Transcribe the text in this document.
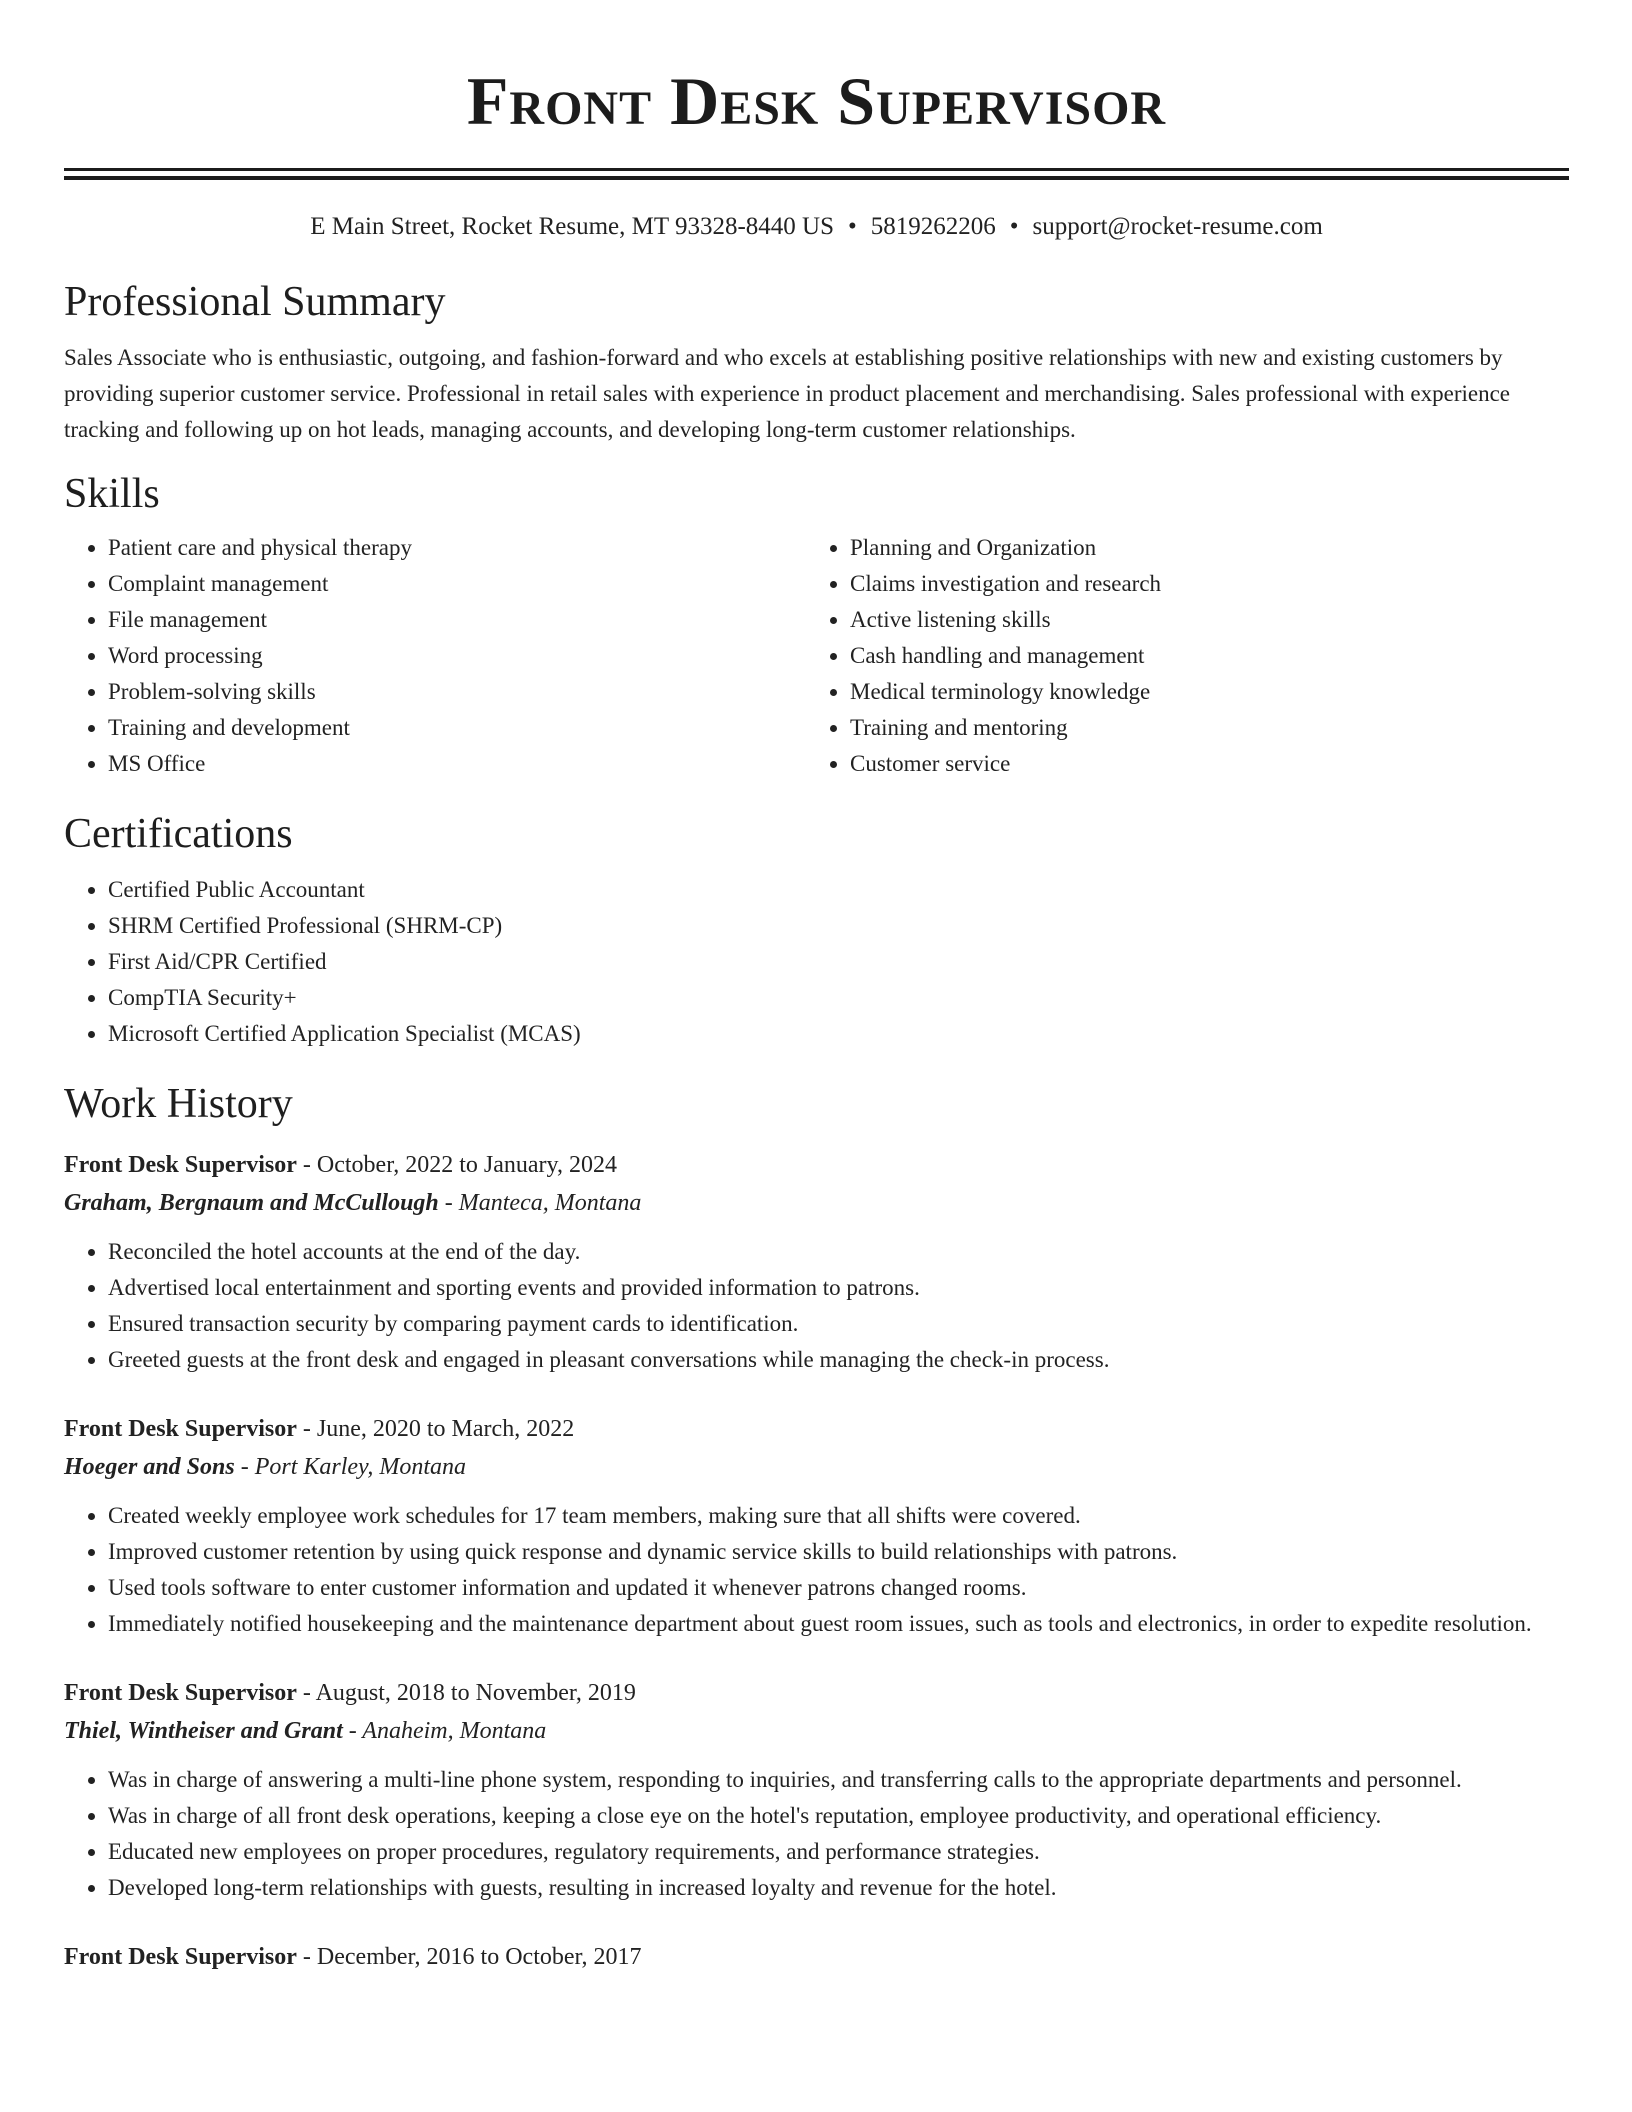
Front Desk Supervisor
E Main Street, Rocket Resume, MT 93328-8440 US • 5819262206 • support@rocket-resume.com
Professional Summary

Sales Associate who is enthusiastic, outgoing, and fashion-forward and who excels at establishing positive relationships with new and existing customers by providing superior customer service. Professional in retail sales with experience in product placement and merchandising. Sales professional with experience tracking and following up on hot leads, managing accounts, and developing long-term customer relationships.

Skills
• Patient care and physical therapy
• Complaint management
• File management
• Word processing
• Problem-solving skills
• Training and development
• MS Office
• Planning and Organization
• Claims investigation and research
• Active listening skills
• Cash handling and management
• Medical terminology knowledge
• Training and mentoring
• Customer service
Certifications
• Certified Public Accountant
• SHRM Certified Professional (SHRM-CP)
• First Aid/CPR Certified
• CompTIA Security+
• Microsoft Certified Application Specialist (MCAS)
Work History
Front Desk Supervisor - October, 2022 to January, 2024
Graham, Bergnaum and McCullough - Manteca, Montana
• Reconciled the hotel accounts at the end of the day.
• Advertised local entertainment and sporting events and provided information to patrons.
• Ensured transaction security by comparing payment cards to identification.
• Greeted guests at the front desk and engaged in pleasant conversations while managing the check-in process.
Front Desk Supervisor - June, 2020 to March, 2022
Hoeger and Sons - Port Karley, Montana
• Created weekly employee work schedules for 17 team members, making sure that all shifts were covered.
• Improved customer retention by using quick response and dynamic service skills to build relationships with patrons.
• Used tools software to enter customer information and updated it whenever patrons changed rooms.
• Immediately notified housekeeping and the maintenance department about guest room issues, such as tools and electronics, in order to expedite resolution.
Front Desk Supervisor - August, 2018 to November, 2019
Thiel, Wintheiser and Grant - Anaheim, Montana
• Was in charge of answering a multi-line phone system, responding to inquiries, and transferring calls to the appropriate departments and personnel.
• Was in charge of all front desk operations, keeping a close eye on the hotel's reputation, employee productivity, and operational efficiency.
• Educated new employees on proper procedures, regulatory requirements, and performance strategies.
• Developed long-term relationships with guests, resulting in increased loyalty and revenue for the hotel.
Front Desk Supervisor - December, 2016 to October, 2017
